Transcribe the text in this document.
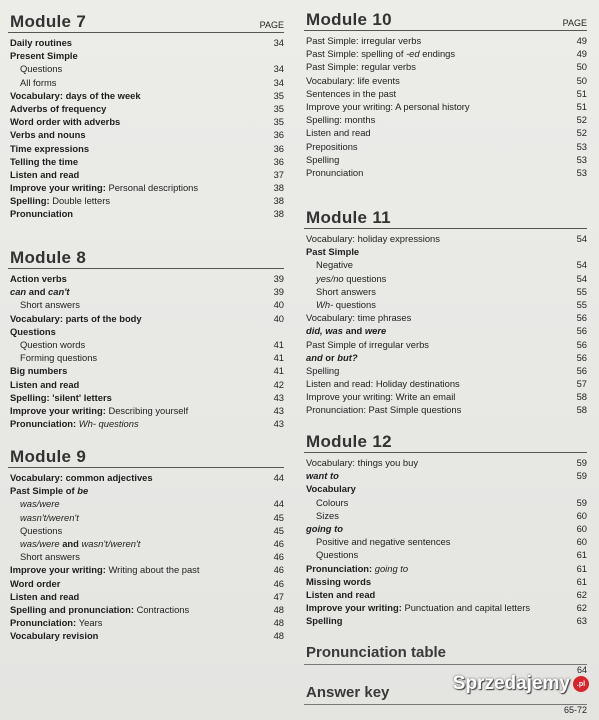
Module 7	PAGE
Daily routines	34
Present Simple
Questions	34
All forms	34
Vocabulary: days of the week	35
Adverbs of frequency	35
Word order with adverbs	35
Verbs and nouns	36
Time expressions	36
Telling the time	36
Listen and read	37
Improve your writing: Personal descriptions	38
Spelling: Double letters	38
Pronunciation	38
Module 8
Action verbs	39
can and can't	39
Short answers	40
Vocabulary: parts of the body	40
Questions
Question words	41
Forming questions	41
Big numbers	41
Listen and read	42
Spelling: 'silent' letters	43
Improve your writing: Describing yourself	43
Pronunciation: Wh- questions	43
Module 9
Vocabulary: common adjectives	44
Past Simple of be
was/were	44
wasn't/weren't	45
Questions	45
was/were and wasn't/weren't	46
Short answers	46
Improve your writing: Writing about the past	46
Word order	46
Listen and read	47
Spelling and pronunciation: Contractions	48
Pronunciation: Years	48
Vocabulary revision	48
Module 10	PAGE
Past Simple: irregular verbs	49
Past Simple: spelling of -ed endings	49
Past Simple: regular verbs	50
Vocabulary: life events	50
Sentences in the past	51
Improve your writing: A personal history	51
Spelling: months	52
Listen and read	52
Prepositions	53
Spelling	53
Pronunciation	53
Module 11
Vocabulary: holiday expressions	54
Past Simple
Negative	54
yes/no questions	54
Short answers	55
Wh- questions	55
Vocabulary: time phrases	56
did, was and were	56
Past Simple of irregular verbs	56
and or but?	56
Spelling	56
Listen and read: Holiday destinations	57
Improve your writing: Write an email	58
Pronunciation: Past Simple questions	58
Module 12
Vocabulary: things you buy	59
want to	59
Vocabulary
Colours	59
Sizes	60
going to	60
Positive and negative sentences	60
Questions	61
Pronunciation: going to	61
Missing words	61
Listen and read	62
Improve your writing: Punctuation and capital letters	62
Spelling	63
Pronunciation table
64
Answer key
65-72
Sprzedajemy .pl
